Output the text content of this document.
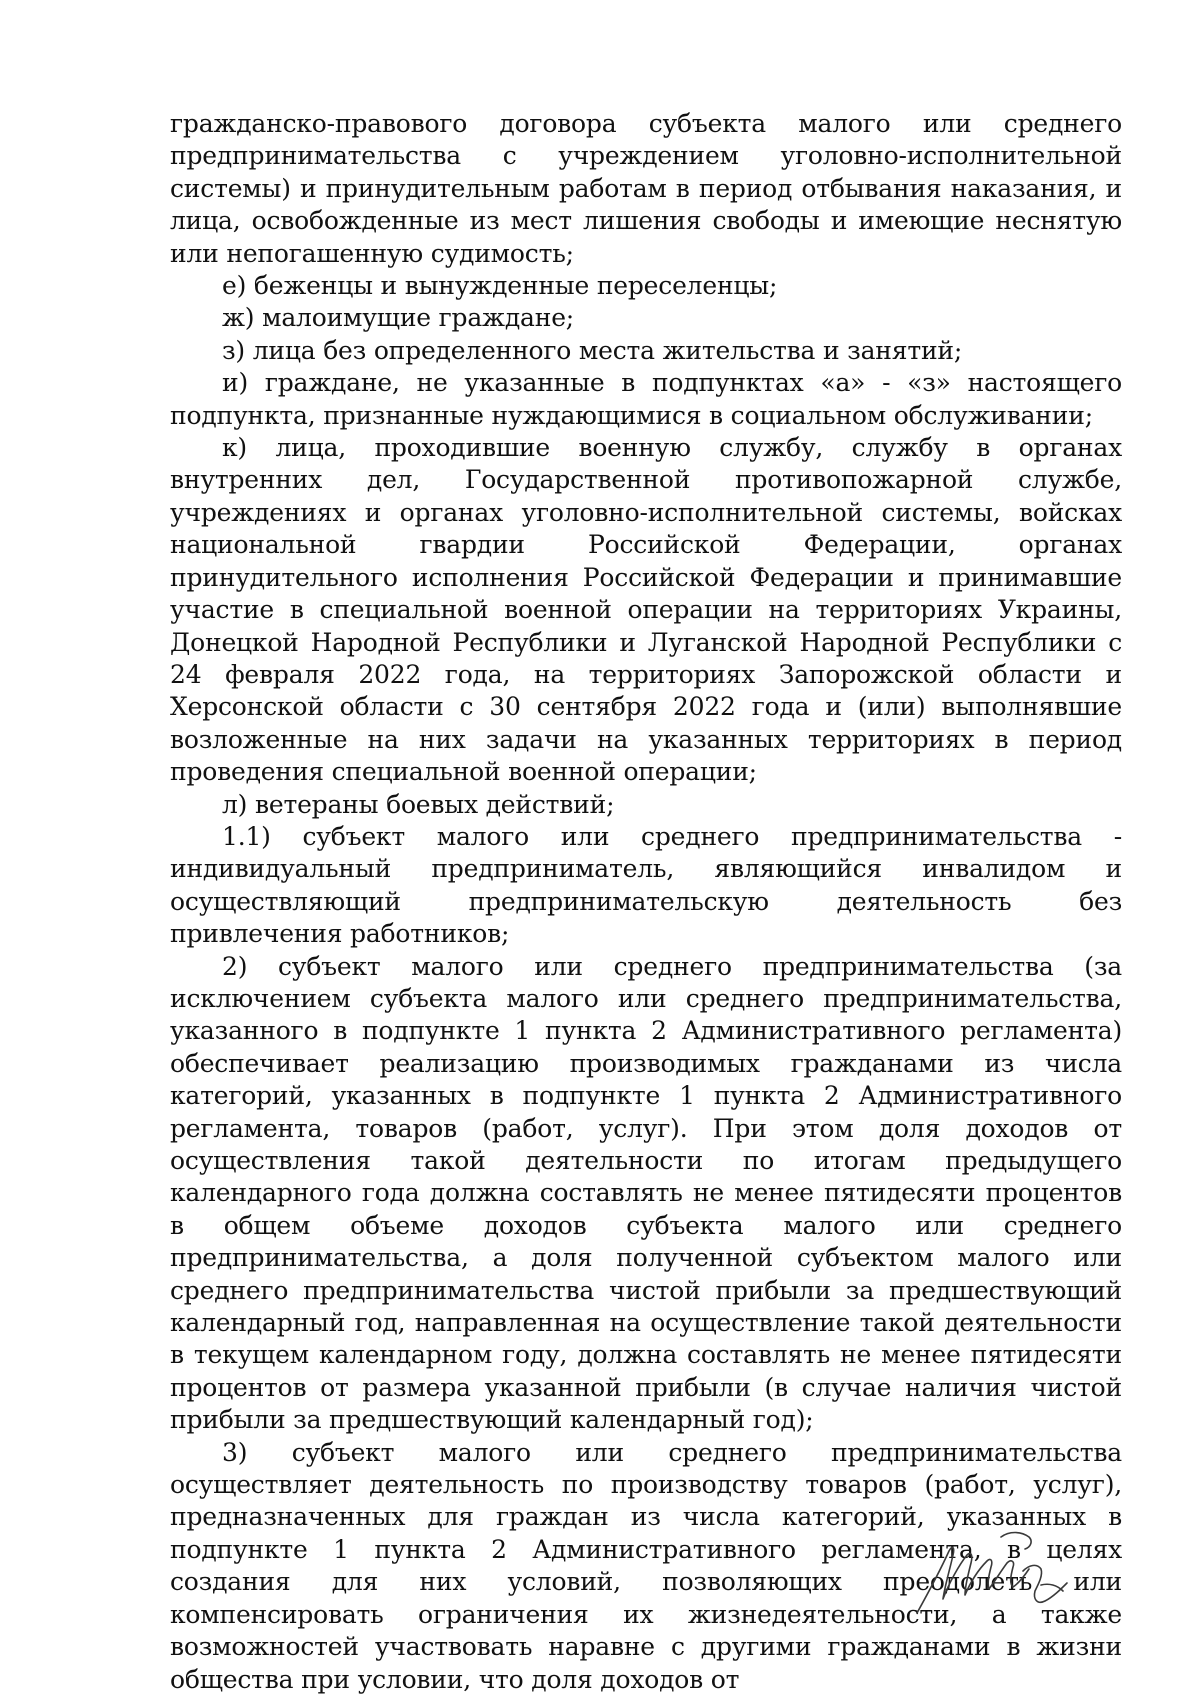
гражданско-правового договора субъекта малого или среднего предпринимательства с учреждением уголовно-исполнительной системы) и принудительным работам в период отбывания наказания, и лица, освобожденные из мест лишения свободы и имеющие неснятую или непогашенную судимость;

е) беженцы и вынужденные переселенцы;

ж) малоимущие граждане;

з) лица без определенного места жительства и занятий;

и) граждане, не указанные в подпунктах «а» - «з» настоящего подпункта, признанные нуждающимися в социальном обслуживании;

к) лица, проходившие военную службу, службу в органах внутренних дел, Государственной противопожарной службе, учреждениях и органах уголовно-исполнительной системы, войсках национальной гвардии Российской Федерации, органах принудительного исполнения Российской Федерации и принимавшие участие в специальной военной операции на территориях Украины, Донецкой Народной Республики и Луганской Народной Республики с 24 февраля 2022 года, на территориях Запорожской области и Херсонской области с 30 сентября 2022 года и (или) выполнявшие возложенные на них задачи на указанных территориях в период проведения специальной военной операции;

л) ветераны боевых действий;

1.1) субъект малого или среднего предпринимательства - индивидуальный предприниматель, являющийся инвалидом и осуществляющий предпринимательскую деятельность без привлечения работников;

2) субъект малого или среднего предпринимательства (за исключением субъекта малого или среднего предпринимательства, указанного в подпункте 1 пункта 2 Административного регламента) обеспечивает реализацию производимых гражданами из числа категорий, указанных в подпункте 1 пункта 2 Административного регламента, товаров (работ, услуг). При этом доля доходов от осуществления такой деятельности по итогам предыдущего календарного года должна составлять не менее пятидесяти процентов в общем объеме доходов субъекта малого или среднего предпринимательства, а доля полученной субъектом малого или среднего предпринимательства чистой прибыли за предшествующий календарный год, направленная на осуществление такой деятельности в текущем календарном году, должна составлять не менее пятидесяти процентов от размера указанной прибыли (в случае наличия чистой прибыли за предшествующий календарный год);

3) субъект малого или среднего предпринимательства осуществляет деятельность по производству товаров (работ, услуг), предназначенных для граждан из числа категорий, указанных в подпункте 1 пункта 2 Административного регламента, в целях создания для них условий, позволяющих преодолеть или компенсировать ограничения их жизнедеятельности, а также возможностей участвовать наравне с другими гражданами в жизни общества при условии, что доля доходов от
